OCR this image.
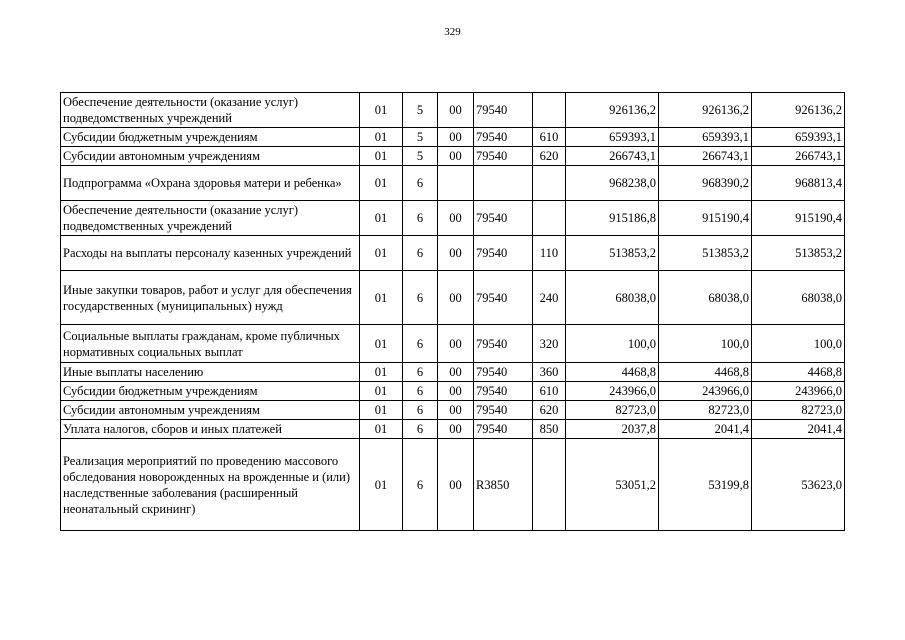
329
Обеспечение деятельности (оказание услуг) подведомственных учреждений	01	5	00	79540		926136,2	926136,2	926136,2
Субсидии бюджетным учреждениям	01	5	00	79540	610	659393,1	659393,1	659393,1
Субсидии автономным учреждениям	01	5	00	79540	620	266743,1	266743,1	266743,1
Подпрограмма «Охрана здоровья матери и ребенка»	01	6				968238,0	968390,2	968813,4
Обеспечение деятельности (оказание услуг) подведомственных учреждений	01	6	00	79540		915186,8	915190,4	915190,4
Расходы на выплаты персоналу казенных учреждений	01	6	00	79540	110	513853,2	513853,2	513853,2
Иные закупки товаров, работ и услуг для обеспечения государственных (муниципальных) нужд	01	6	00	79540	240	68038,0	68038,0	68038,0
Социальные выплаты гражданам, кроме публичных нормативных социальных выплат	01	6	00	79540	320	100,0	100,0	100,0
Иные выплаты населению	01	6	00	79540	360	4468,8	4468,8	4468,8
Субсидии бюджетным учреждениям	01	6	00	79540	610	243966,0	243966,0	243966,0
Субсидии автономным учреждениям	01	6	00	79540	620	82723,0	82723,0	82723,0
Уплата налогов, сборов и иных платежей	01	6	00	79540	850	2037,8	2041,4	2041,4
Реализация мероприятий по проведению массового обследования новорожденных на врожденные и (или) наследственные заболевания (расширенный неонатальный скрининг)	01	6	00	R3850		53051,2	53199,8	53623,0
